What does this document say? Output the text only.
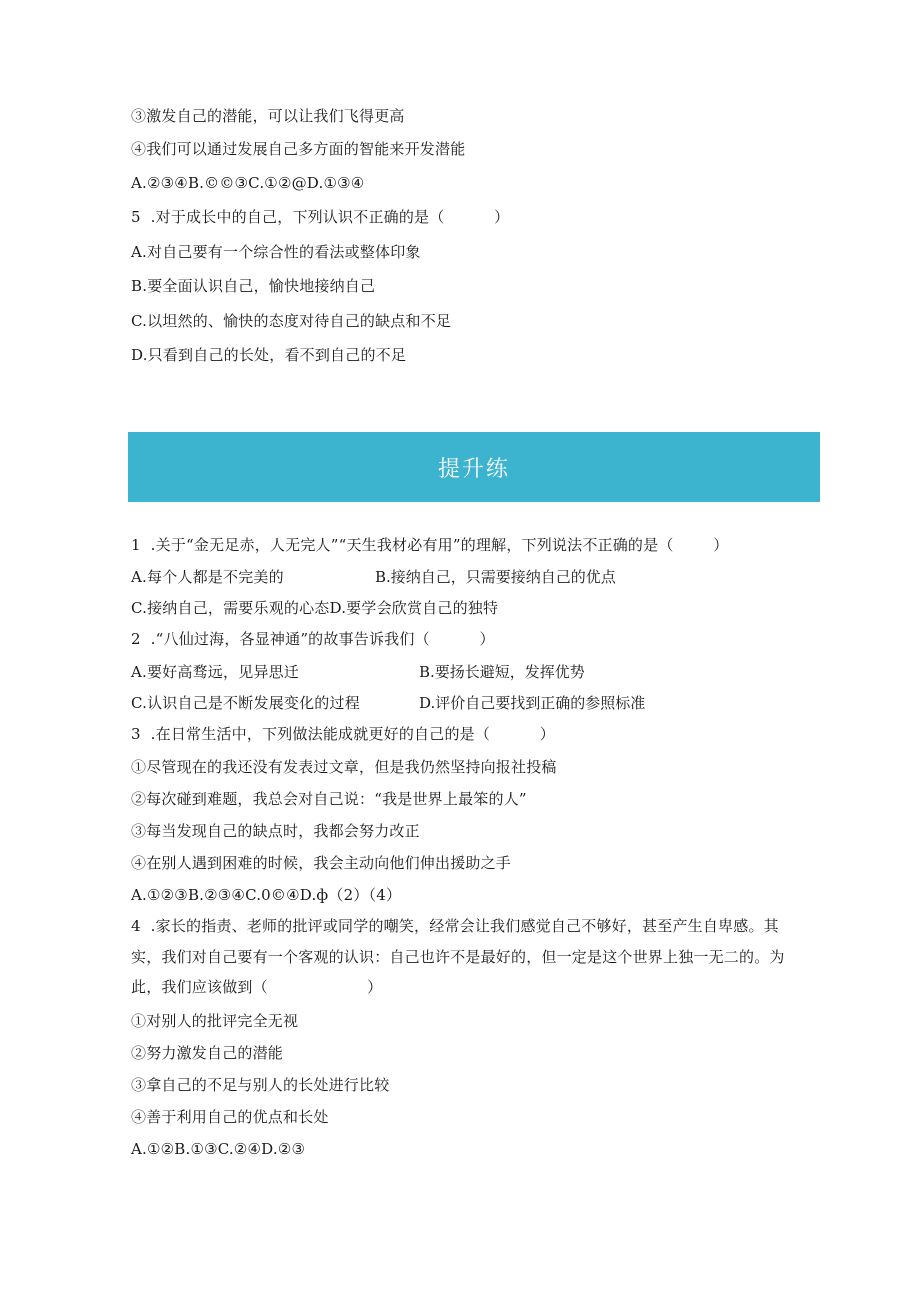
③激发自己的潜能，可以让我们飞得更高
④我们可以通过发展自己多方面的智能来开发潜能
A.②③④B.©©③C.①②@D.①③④
5  .对于成长中的自己，下列认识不正确的是（          ）
A.对自己要有一个综合性的看法或整体印象
B.要全面认识自己，愉快地接纳自己
C.以坦然的、愉快的态度对待自己的缺点和不足
D.只看到自己的长处，看不到自己的不足
提升练
1  .关于“金无足赤，人无完人”“天生我材必有用”的理解，下列说法不正确的是（        ）
A.每个人都是不完美的	B.接纳自己，只需要接纳自己的优点
C.接纳自己，需要乐观的心态D.要学会欣赏自己的独特
2  .“八仙过海，各显神通”的故事告诉我们（          ）
A.要好高骛远，见异思迁	B.要扬长避短，发挥优势
C.认识自己是不断发展变化的过程	D.评价自己要找到正确的参照标准
3  .在日常生活中，下列做法能成就更好的自己的是（          ）
①尽管现在的我还没有发表过文章，但是我仍然坚持向报社投稿
②每次碰到难题，我总会对自己说：“我是世界上最笨的人”
③每当发现自己的缺点时，我都会努力改正
④在别人遇到困难的时候，我会主动向他们伸出援助之手
A.①②③B.②③④C.0©④D.ф（2）（4）
4  .家长的指责、老师的批评或同学的嘲笑，经常会让我们感觉自己不够好，甚至产生自卑感。其
实，我们对自己要有一个客观的认识：自己也许不是最好的，但一定是这个世界上独一无二的。为
此，我们应该做到（                    ）
①对别人的批评完全无视
②努力激发自己的潜能
③拿自己的不足与别人的长处进行比较
④善于利用自己的优点和长处
A.①②B.①③C.②④D.②③
